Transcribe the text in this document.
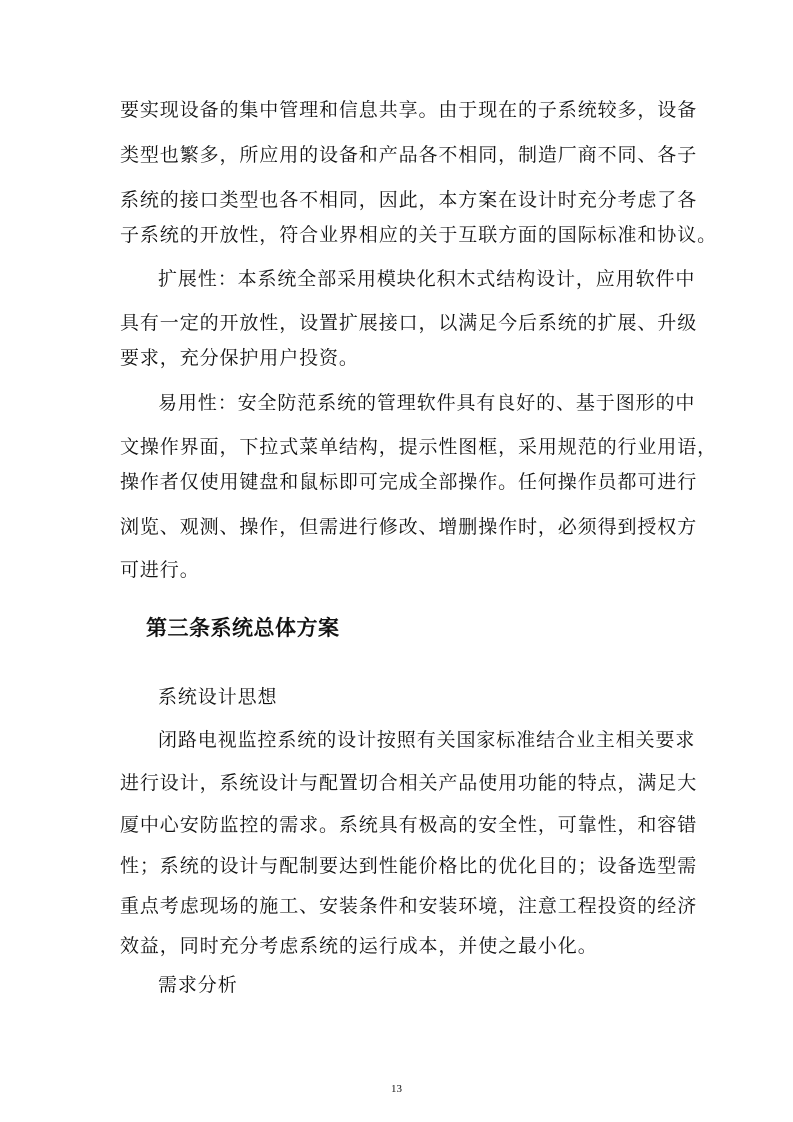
要实现设备的集中管理和信息共享。由于现在的子系统较多，设备
类型也繁多，所应用的设备和产品各不相同，制造厂商不同、各子
系统的接口类型也各不相同，因此，本方案在设计时充分考虑了各
子系统的开放性，符合业界相应的关于互联方面的国际标准和协议。
扩展性：本系统全部采用模块化积木式结构设计，应用软件中
具有一定的开放性，设置扩展接口，以满足今后系统的扩展、升级
要求，充分保护用户投资。
易用性：安全防范系统的管理软件具有良好的、基于图形的中
文操作界面，下拉式菜单结构，提示性图框，采用规范的行业用语，
操作者仅使用键盘和鼠标即可完成全部操作。任何操作员都可进行
浏览、观测、操作，但需进行修改、增删操作时，必须得到授权方
可进行。
第三条系统总体方案
系统设计思想
闭路电视监控系统的设计按照有关国家标准结合业主相关要求
进行设计，系统设计与配置切合相关产品使用功能的特点，满足大
厦中心安防监控的需求。系统具有极高的安全性，可靠性，和容错
性；系统的设计与配制要达到性能价格比的优化目的；设备选型需
重点考虑现场的施工、安装条件和安装环境，注意工程投资的经济
效益，同时充分考虑系统的运行成本，并使之最小化。
需求分析
13
